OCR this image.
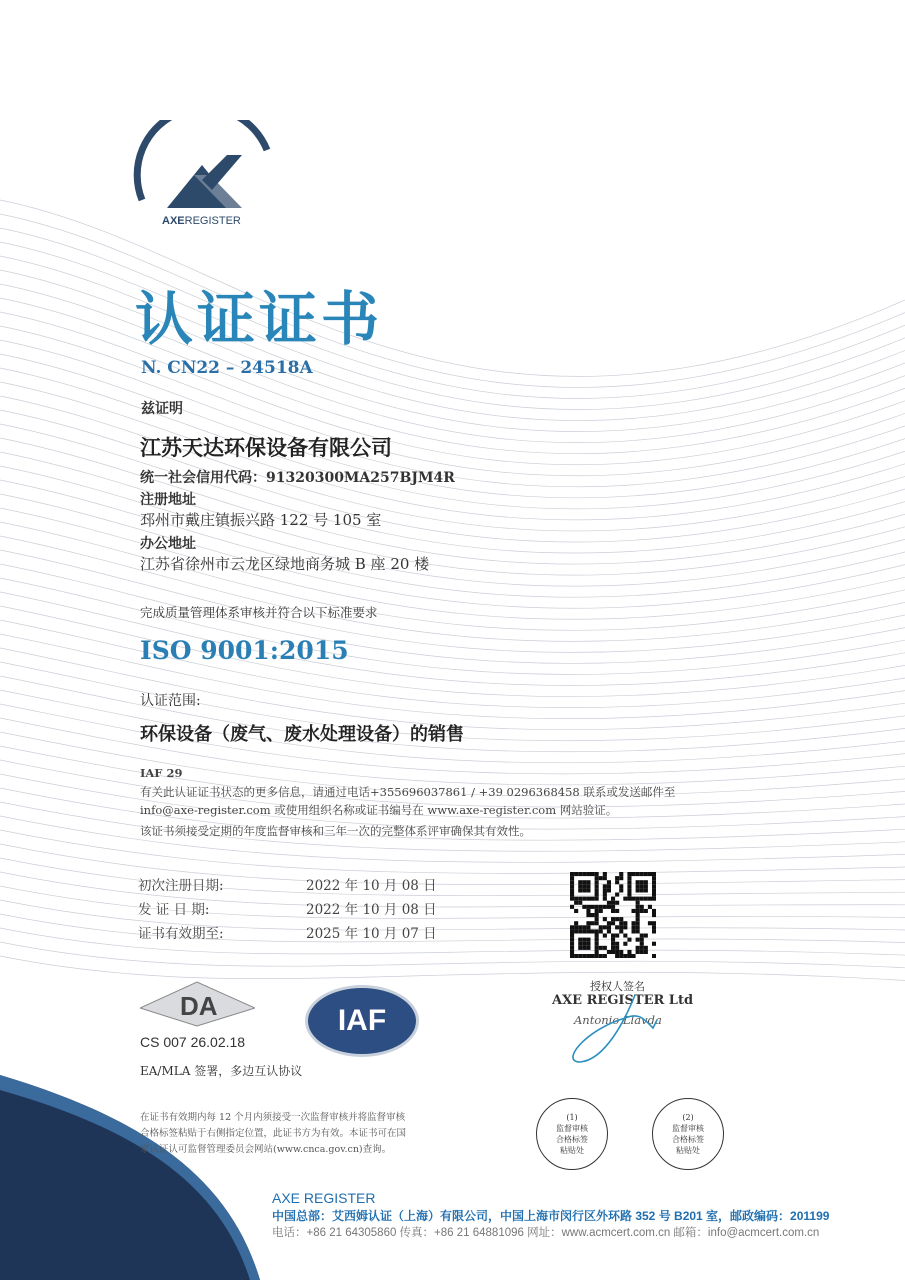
AXEREGISTER
认证证书
N. CN22 – 24518A
兹证明
江苏天达环保设备有限公司
统一社会信用代码：91320300MA257BJM4R
注册地址
邳州市戴庄镇振兴路 122 号 105 室
办公地址
江苏省徐州市云龙区绿地商务城 B 座 20 楼
完成质量管理体系审核并符合以下标准要求
ISO 9001:2015
认证范围:
环保设备（废气、废水处理设备）的销售
IAF 29
有关此认证证书状态的更多信息，请通过电话+355696037861 / +39 0296368458 联系或发送邮件至
info@axe-register.com 或使用组织名称或证书编号在 www.axe-register.com 网站验证。
该证书须接受定期的年度监督审核和三年一次的完整体系评审确保其有效性。
初次注册日期:	2022 年 10 月 08 日
发 证 日 期:	2022 年 10 月 08 日
证书有效期至:	2025 年 10 月 07 日
授权人签名
AXE REGISTER Ltd
Antonio Llavda
DA
CS 007 26.02.18
IAF
EA/MLA 签署，多边互认协议
在证书有效期内每 12 个月内须接受一次监督审核并将监督审核
合格标签粘贴于右侧指定位置，此证书方为有效。本证书可在国
家认证认可监督管理委员会网站(www.cnca.gov.cn)查询。
(1)
监督审核
合格标签
粘贴处
(2)
监督审核
合格标签
粘贴处
AXE REGISTER
中国总部：艾西姆认证（上海）有限公司，中国上海市闵行区外环路 352 号 B201 室，邮政编码：201199
电话：+86 21 64305860 传真：+86 21 64881096 网址：www.acmcert.com.cn 邮箱：info@acmcert.com.cn
